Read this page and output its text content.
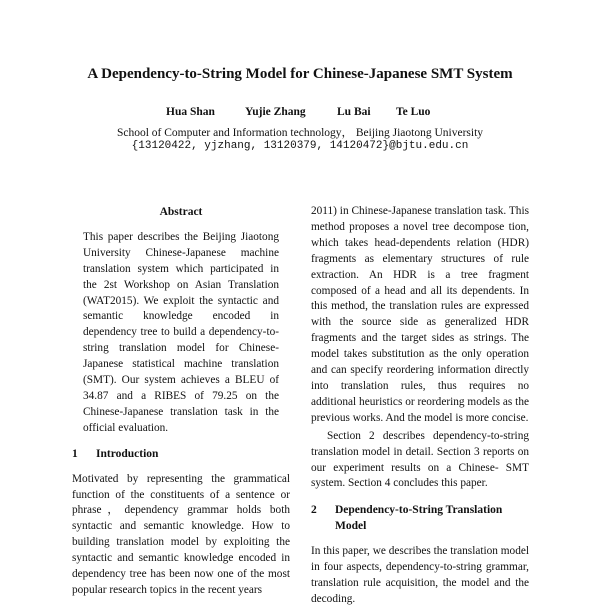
A Dependency-to-String Model for Chinese-Japanese SMT System
Hua Shan	Yujie Zhang	Lu Bai Te Luo
School of Computer and Information technology， Beijing Jiaotong University
{13120422, yjzhang, 13120379, 14120472}@bjtu.edu.cn

Abstract

This paper describes the Beijing Jiaotong University Chinese-Japanese machine translation system which participated in the 2st Workshop on Asian Translation (WAT2015). We exploit the syntactic and semantic knowledge encoded in dependency tree to build a dependency-to-string translation model for Chinese-Japanese statistical machine translation (SMT). Our system achieves a BLEU of 34.87 and a RIBES of 79.25 on the Chinese-Japanese translation task in the official evaluation.

1	Introduction

Motivated by representing the grammatical function of the constituents of a sentence or phrase，dependency grammar holds both syntactic and semantic knowledge. How to building translation model by exploiting the syntactic and semantic knowledge encoded in dependency tree has been now one of the most popular research topics in the recent years

2011) in Chinese-Japanese translation task. This method proposes a novel tree decompose tion, which takes head-dependents relation (HDR) fragments as elementary structures of rule extraction. An HDR is a tree fragment composed of a head and all its dependents. In this method, the translation rules are expressed with the source side as generalized HDR fragments and the target sides as strings. The model takes substitution as the only operation and can specify reordering information directly into translation rules, thus requires no additional heuristics or reordering models as the previous works. And the model is more concise.

Section 2 describes dependency-to-string translation model in detail. Section 3 reports on our experiment results on a Chinese- SMT system. Section 4 concludes this paper.

2	Dependency-to-String Translation Model

In this paper, we describes the translation model in four aspects, dependency-to-string grammar, translation rule acquisition, the model and the decoding.
